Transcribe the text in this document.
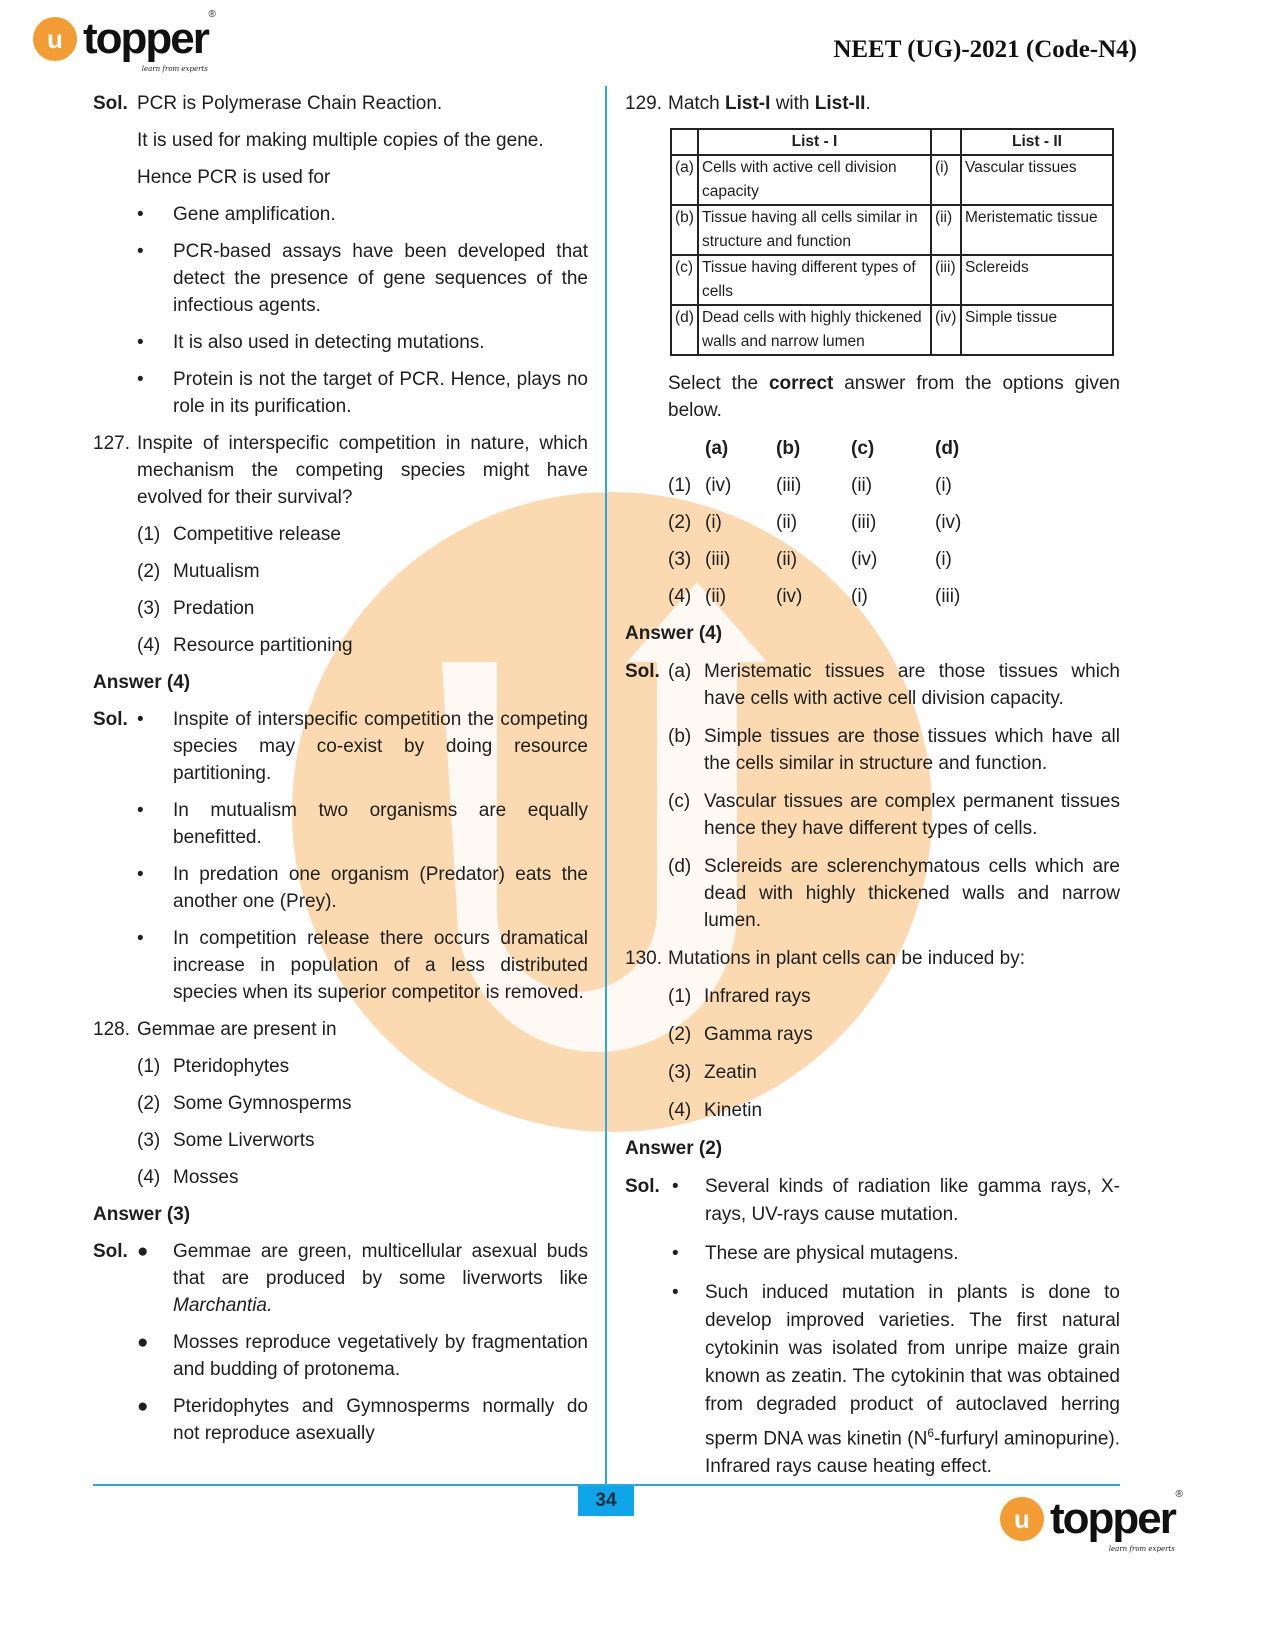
u topper ®
learn from experts
NEET (UG)-2021 (Code-N4)
Sol. PCR is Polymerase Chain Reaction.
It is used for making multiple copies of the gene.
Hence PCR is used for
•	Gene amplification.
•	PCR-based assays have been developed that detect the presence of gene sequences of the infectious agents.
•	It is also used in detecting mutations.
•	Protein is not the target of PCR. Hence, plays no role in its purification.
127. Inspite of interspecific competition in nature, which mechanism the competing species might have evolved for their survival?
(1) Competitive release
(2) Mutualism
(3) Predation
(4) Resource partitioning
Answer (4)
Sol. •	Inspite of interspecific competition the competing species may co-exist by doing resource partitioning.
•	In mutualism two organisms are equally benefitted.
•	In predation one organism (Predator) eats the another one (Prey).
•	In competition release there occurs dramatical increase in population of a less distributed species when its superior competitor is removed.
128. Gemmae are present in
(1) Pteridophytes
(2) Some Gymnosperms
(3) Some Liverworts
(4) Mosses
Answer (3)
Sol. ●	Gemmae are green, multicellular asexual buds that are produced by some liverworts like Marchantia.
●	Mosses reproduce vegetatively by fragmentation and budding of protonema.
●	Pteridophytes and Gymnosperms normally do not reproduce asexually
129. Match List-I with List-II.
	List - I		List - II
(a)	Cells with active cell division capacity	(i)	Vascular tissues
(b)	Tissue having all cells similar in structure and function	(ii)	Meristematic tissue
(c)	Tissue having different types of cells	(iii)	Sclereids
(d)	Dead cells with highly thickened walls and narrow lumen	(iv)	Simple tissue
Select the correct answer from the options given below.
(a)	(b)	(c)	(d)
(1) (iv)	(iii)	(ii)	(i)
(2) (i)	(ii)	(iii)	(iv)
(3) (iii)	(ii)	(iv)	(i)
(4) (ii)	(iv)	(i)	(iii)
Answer (4)
Sol. (a) Meristematic tissues are those tissues which have cells with active cell division capacity.
(b) Simple tissues are those tissues which have all the cells similar in structure and function.
(c) Vascular tissues are complex permanent tissues hence they have different types of cells.
(d) Sclereids are sclerenchymatous cells which are dead with highly thickened walls and narrow lumen.
130. Mutations in plant cells can be induced by:
(1) Infrared rays
(2) Gamma rays
(3) Zeatin
(4) Kinetin
Answer (2)
Sol. •	Several kinds of radiation like gamma rays, X-rays, UV-rays cause mutation.
•	These are physical mutagens.
•	Such induced mutation in plants is done to develop improved varieties. The first natural cytokinin was isolated from unripe maize grain known as zeatin. The cytokinin that was obtained from degraded product of autoclaved herring sperm DNA was kinetin ($N^6$-furfuryl aminopurine). Infrared rays cause heating effect.
34
u topper ®
learn from experts
